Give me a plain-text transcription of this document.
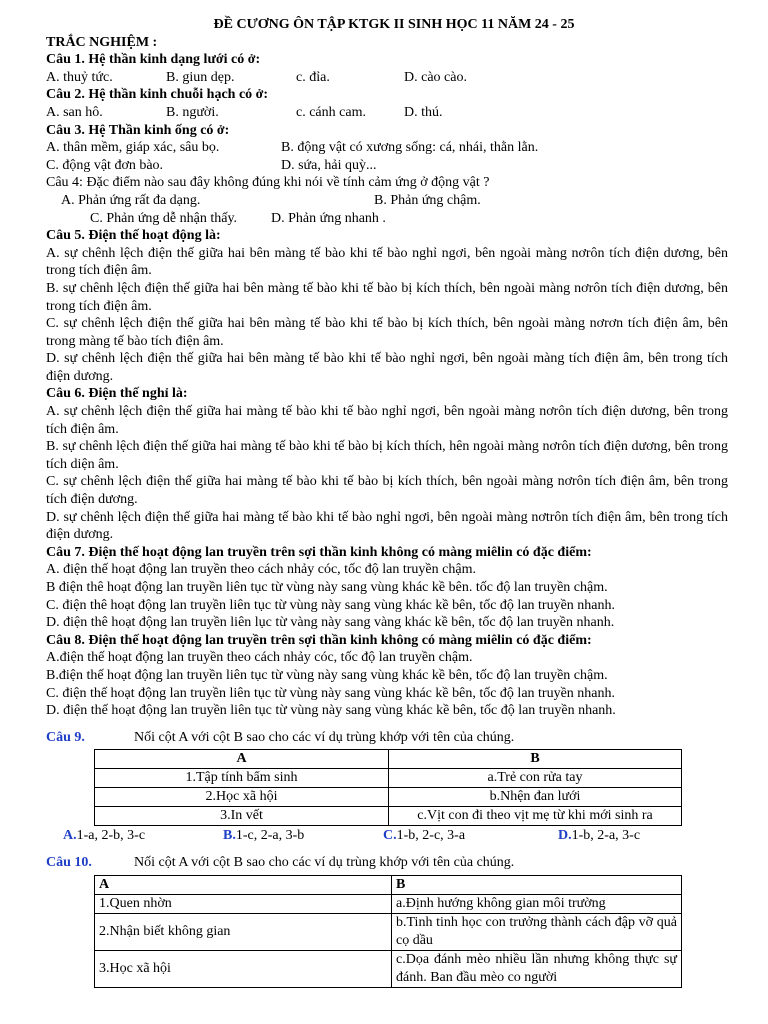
ĐỀ CƯƠNG ÔN TẬP KTGK II SINH HỌC 11 NĂM 24 - 25

TRẮC NGHIỆM :

Câu 1. Hệ thần kinh dạng lưới có ở:

A. thuỷ tức.	B. giun dẹp.	c. đỉa.	D. cào cào.

Câu 2. Hệ thần kinh chuỗi hạch có ở:

A. san hô.	B. người.	c. cánh cam.	D. thú.

Câu 3. Hệ Thần kinh ống có ở:

A. thân mềm, giáp xác, sâu bọ.	B. động vật có xương sống: cá, nhái, thằn lằn.
C. động vật đơn bào.	D. sứa, hải quỳ...

Câu 4: Đặc điểm nào sau đây không đúng khi nói về tính cảm ứng ở động vật ?

A. Phản ứng rất đa dạng.	B. Phản ứng chậm.
C. Phản ứng dễ nhận thấy.	D. Phản ứng nhanh .

Câu 5. Điện thế hoạt động là:

A. sự chênh lệch điện thế giữa hai bên màng tế bào khi tế bào nghỉ ngơi, bên ngoài màng nơrôn tích điện dương, bên trong tích điện âm.

B. sự chênh lệch điện thế giữa hai bên màng tế bào khi tế bào bị kích thích, bên ngoài màng nơrôn tích điện dương, bên trong tích điện âm.

C. sự chênh lệch điện thế giữa hai bên màng tế bào khi tế bào bị kích thích, bên ngoài màng nơrơn tích điện âm, bên trong màng tế bào tích điện âm.

D. sự chênh lệch điện thế giữa hai bên màng tế bào khi tế bào nghỉ ngơi, bên ngoài màng tích điện âm, bên trong tích điện dương.

Câu 6. Điện thế nghỉ là:

A. sự chênh lệch điện thế giữa hai màng tế bào khi tế bào nghỉ ngơi, bên ngoài màng nơrôn tích điện dương, bên trong tích điện âm.

B. sự chênh lệch điện thế giữa hai màng tế bào khi tế bào bị kích thích, hên ngoài màng nơrôn tích điện dương, bên trong tích diện âm.

C. sự chênh lệch điện thế giữa hai màng tế bào khi tế bào bị kích thích, bên ngoài màng nơrôn tích điện âm, bên trong tích điện dương.

D. sự chênh lệch điện thế giữa hai màng tế bào khi tế bào nghỉ ngơi, bên ngoài màng nơtrôn tích điện âm, bên trong tích điện dương.

Câu 7. Điện thế hoạt động lan truyền trên sợi thần kinh không có màng miêlin có đặc điểm:

A. điện thế hoạt động lan truyền theo cách nhảy cóc, tốc độ lan truyền chậm.

B điện thê hoạt động lan truyền liên tục từ vùng này sang vùng khác kề bên. tốc độ lan truyền chậm.

C. điện thê hoạt động lan truyền liên tục từ vùng này sang vùng khác kề bên, tốc độ lan truyền nhanh.

D. điện thê hoạt động lan truyền liên lục từ vàng này sang vàng khác kề bên, tốc độ lan truyền nhanh.

Câu 8. Điện thế hoạt động lan truyền trên sợi thần kinh không có màng miêlin có đặc điểm:

A.điện thế hoạt động lan truyền theo cách nhảy cóc, tốc độ lan truyền chậm.

B.điện thế hoạt động lan truyền liên tục từ vùng này sang vùng khác kề bên, tốc độ lan truyền chậm.

C. điện thế hoạt động lan truyền liên tục từ vùng này sang vùng khác kề bên, tốc độ lan truyền nhanh.

D. điện thế hoạt động lan truyền liên tục từ vùng này sang vùng khác kề bên, tốc độ lan truyền nhanh.

Câu 9.	Nối cột A với cột B sao cho các ví dụ trùng khớp với tên của chúng.
A	B
1.Tập tính bẩm sinh	a.Trẻ con rửa tay
2.Học xã hội	b.Nhện đan lưới
3.In vết	c.Vịt con đi theo vịt mẹ từ khi mới sinh ra
A.1-a, 2-b, 3-c	B.1-c, 2-a, 3-b	C.1-b, 2-c, 3-a	D.1-b, 2-a, 3-c
Câu 10.	Nối cột A với cột B sao cho các ví dụ trùng khớp với tên của chúng.
A	B
1.Quen nhờn	a.Định hướng không gian môi trường
2.Nhận biết không gian	b.Tinh tinh học con trưởng thành cách đập vỡ quả cọ dầu
3.Học xã hội	c.Dọa đánh mèo nhiều lần nhưng không thực sự đánh. Ban đầu mèo co người
